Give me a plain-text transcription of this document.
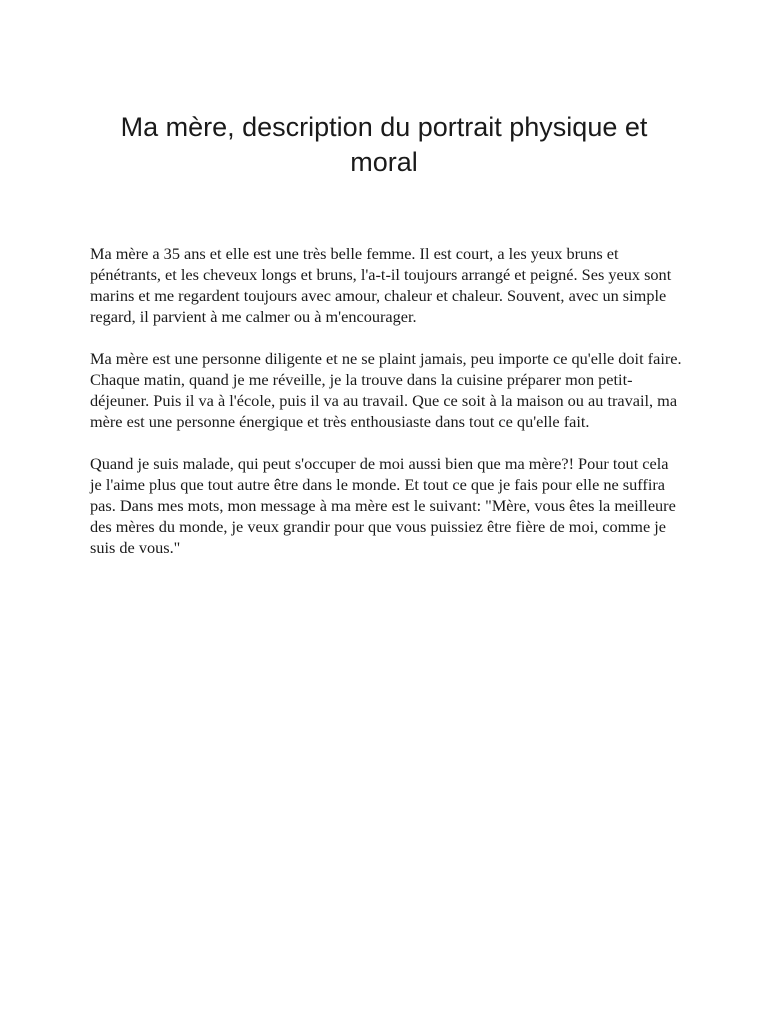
Ma mère, description du portrait physique et moral

Ma mère a 35 ans et elle est une très belle femme. Il est court, a les yeux bruns et pénétrants, et les cheveux longs et bruns, l'a-t-il toujours arrangé et peigné. Ses yeux sont marins et me regardent toujours avec amour, chaleur et chaleur. Souvent, avec un simple regard, il parvient à me calmer ou à m'encourager.

Ma mère est une personne diligente et ne se plaint jamais, peu importe ce qu'elle doit faire. Chaque matin, quand je me réveille, je la trouve dans la cuisine préparer mon petit-déjeuner. Puis il va à l'école, puis il va au travail. Que ce soit à la maison ou au travail, ma mère est une personne énergique et très enthousiaste dans tout ce qu'elle fait.

Quand je suis malade, qui peut s'occuper de moi aussi bien que ma mère?! Pour tout cela je l'aime plus que tout autre être dans le monde. Et tout ce que je fais pour elle ne suffira pas. Dans mes mots, mon message à ma mère est le suivant: "Mère, vous êtes la meilleure des mères du monde, je veux grandir pour que vous puissiez être fière de moi, comme je suis de vous."
